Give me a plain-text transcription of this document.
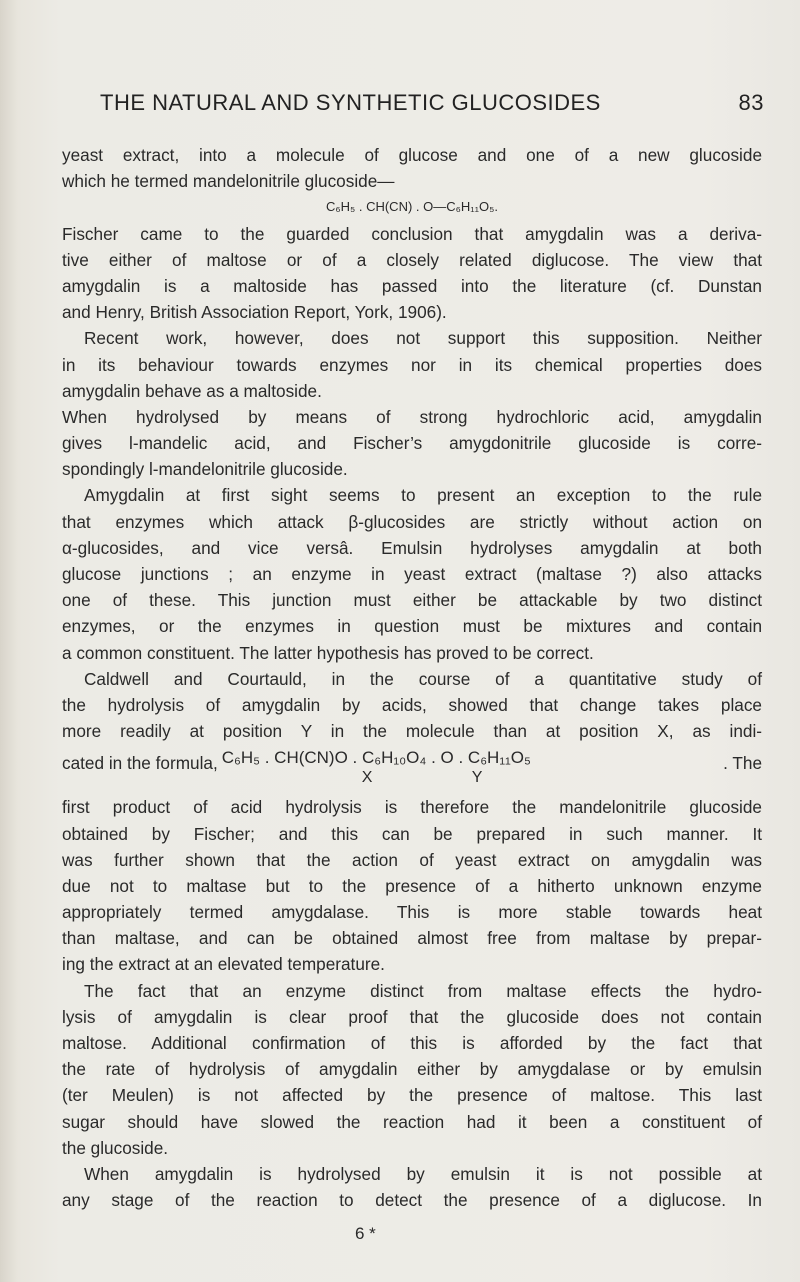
THE NATURAL AND SYNTHETIC GLUCOSIDES	83
yeast extract, into a molecule of glucose and one of a new glucoside
which he termed mandelonitrile glucoside—
C₆H₅ . CH(CN) . O—C₆H₁₁O₅.
Fischer came to the guarded conclusion that amygdalin was a deriva-
tive either of maltose or of a closely related diglucose. The view that
amygdalin is a maltoside has passed into the literature (cf. Dunstan
and Henry, British Association Report, York, 1906).
Recent work, however, does not support this supposition. Neither
in its behaviour towards enzymes nor in its chemical properties does
amygdalin behave as a maltoside.
When hydrolysed by means of strong hydrochloric acid, amygdalin
gives l-mandelic acid, and Fischer’s amygdonitrile glucoside is corre-
spondingly l-mandelonitrile glucoside.
Amygdalin at first sight seems to present an exception to the rule
that enzymes which attack β-glucosides are strictly without action on
α-glucosides, and vice versâ. Emulsin hydrolyses amygdalin at both
glucose junctions ; an enzyme in yeast extract (maltase ?) also attacks
one of these. This junction must either be attackable by two distinct
enzymes, or the enzymes in question must be mixtures and contain
a common constituent. The latter hypothesis has proved to be correct.
Caldwell and Courtauld, in the course of a quantitative study of
the hydrolysis of amygdalin by acids, showed that change takes place
more readily at position Y in the molecule than at position X, as indi-
cated in the formula, C₆H₅ . CH(CN)O . C₆H₁₀O₄ . O . C₆H₁₁O₅
X	Y
. The
first product of acid hydrolysis is therefore the mandelonitrile glucoside
obtained by Fischer; and this can be prepared in such manner. It
was further shown that the action of yeast extract on amygdalin was
due not to maltase but to the presence of a hitherto unknown enzyme
appropriately termed amygdalase. This is more stable towards heat
than maltase, and can be obtained almost free from maltase by prepar-
ing the extract at an elevated temperature.
The fact that an enzyme distinct from maltase effects the hydro-
lysis of amygdalin is clear proof that the glucoside does not contain
maltose. Additional confirmation of this is afforded by the fact that
the rate of hydrolysis of amygdalin either by amygdalase or by emulsin
(ter Meulen) is not affected by the presence of maltose. This last
sugar should have slowed the reaction had it been a constituent of
the glucoside.
When amygdalin is hydrolysed by emulsin it is not possible at
any stage of the reaction to detect the presence of a diglucose. In
6 *
